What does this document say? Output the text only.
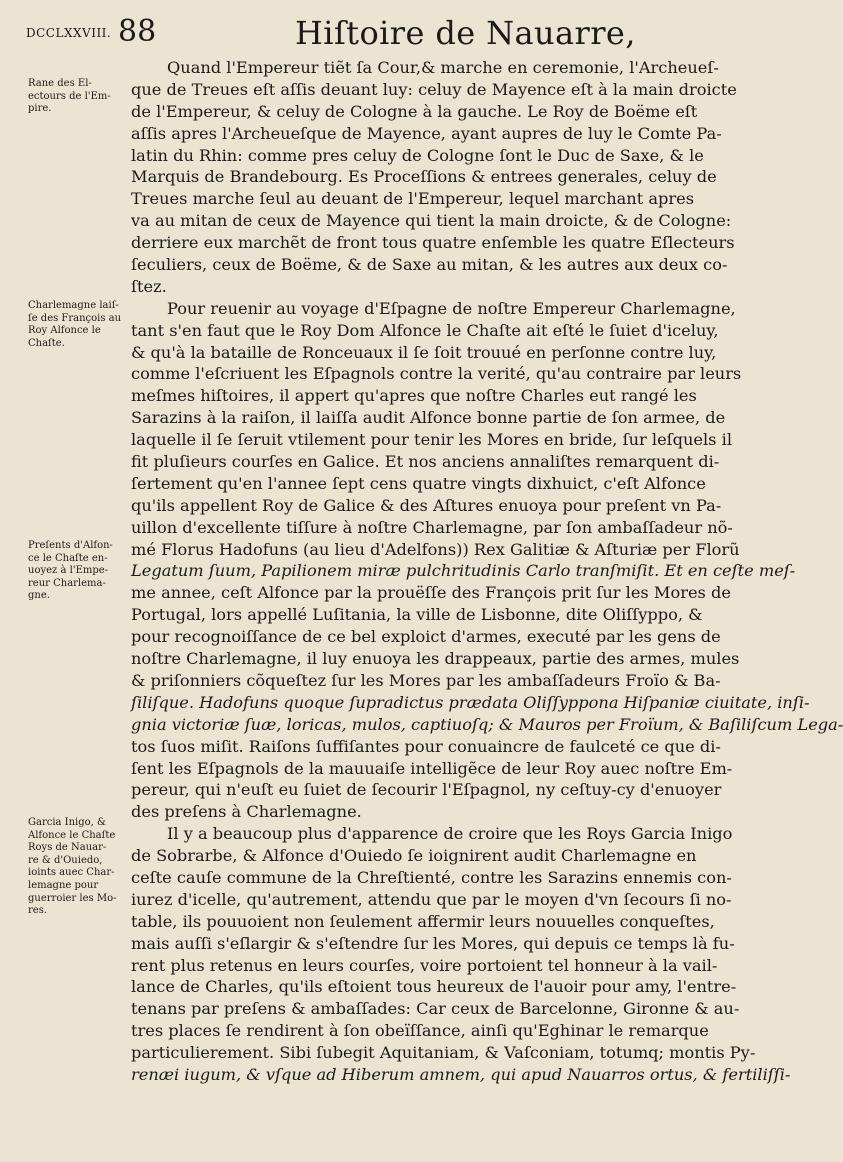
DCCLXXVIII. 88	Hiſtoire de Nauarre,
Rane des El-
ectours de l'Em-
pire.
Charlemagne laiſ-
ſe des François au
Roy Alfonce le
Chaſte.
Preſents d'Alfon-
ce le Chaſte en-
uoyez à l'Empe-
reur Charlema-
gne.
Garcia Inigo, &
Alfonce le Chaſte
Roys de Nauar-
re & d'Ouiedo,
ioints auec Char-
lemagne pour
guerroier les Mo-
res.
Quand l'Empereur tiẽt ſa Cour,& marche en ceremonie, l'Archeueſ-
que de Treues eſt aſſis deuant luy: celuy de Mayence eſt à la main droicte
de l'Empereur, & celuy de Cologne à la gauche. Le Roy de Boëme eſt
aſſis apres l'Archeueſque de Mayence, ayant aupres de luy le Comte Pa-
latin du Rhin: comme pres celuy de Cologne ſont le Duc de Saxe, & le
Marquis de Brandebourg. Es Proceſſions & entrees generales, celuy de
Treues marche ſeul au deuant de l'Empereur, lequel marchant apres
va au mitan de ceux de Mayence qui tient la main droicte, & de Cologne:
derriere eux marchẽt de front tous quatre enſemble les quatre Eſlecteurs
ſeculiers, ceux de Boëme, & de Saxe au mitan, & les autres aux deux co-
ſtez.
Pour reuenir au voyage d'Eſpagne de noſtre Empereur Charlemagne,
tant s'en faut que le Roy Dom Alfonce le Chaſte ait eſté le ſuiet d'iceluy,
& qu'à la bataille de Ronceuaux il ſe ſoit trouué en perſonne contre luy,
comme l'eſcriuent les Eſpagnols contre la verité, qu'au contraire par leurs
meſmes hiſtoires, il appert qu'apres que noſtre Charles eut rangé les
Sarazins à la raiſon, il laiſſa audit Alfonce bonne partie de ſon armee, de
laquelle il ſe ſeruit vtilement pour tenir les Mores en bride, ſur leſquels il
fit pluſieurs courſes en Galice. Et nos anciens annaliſtes remarquent di-
ſertement qu'en l'annee ſept cens quatre vingts dixhuict, c'eſt Alfonce
qu'ils appellent Roy de Galice & des Aſtures enuoya pour preſent vn Pa-
uillon d'excellente tiſſure à noſtre Charlemagne, par ſon ambaſſadeur nõ-
mé Florus Hadofuns (au lieu d'Adelfons)) Rex Galitiæ & Aſturiæ per Florũ
Legatum ſuum, Papilionem miræ pulchritudinis Carlo tranſmiſit. Et en ceſte meſ-
me annee, ceſt Alfonce par la prouëſſe des François prit ſur les Mores de
Portugal, lors appellé Luſitania, la ville de Lisbonne, dite Oliſſyppo, &
pour recognoiſſance de ce bel exploict d'armes, executé par les gens de
noſtre Charlemagne, il luy enuoya les drappeaux, partie des armes, mules
& priſonniers cõqueſtez ſur les Mores par les ambaſſadeurs Froïo & Ba-
ſiliſque. Hadofuns quoque ſupradictus prædata Oliſſyppona Hiſpaniæ ciuitate, inſi-
gnia victoriæ ſuæ, loricas, mulos, captiuoſq; & Mauros per Froïum, & Baſiliſcum Lega-
tos ſuos miſit. Raiſons ſuffiſantes pour conuaincre de faulceté ce que di-
ſent les Eſpagnols de la mauuaiſe intelligẽce de leur Roy auec noſtre Em-
pereur, qui n'euſt eu ſuiet de ſecourir l'Eſpagnol, ny ceſtuy-cy d'enuoyer
des preſens à Charlemagne.
Il y a beaucoup plus d'apparence de croire que les Roys Garcia Inigo
de Sobrarbe, & Alfonce d'Ouiedo ſe ioignirent audit Charlemagne en
ceſte cauſe commune de la Chreſtienté, contre les Sarazins ennemis con-
iurez d'icelle, qu'autrement, attendu que par le moyen d'vn ſecours ſi no-
table, ils pouuoient non ſeulement affermir leurs nouuelles conqueſtes,
mais auſſi s'eſlargir & s'eſtendre ſur les Mores, qui depuis ce temps là fu-
rent plus retenus en leurs courſes, voire portoient tel honneur à la vail-
lance de Charles, qu'ils eſtoient tous heureux de l'auoir pour amy, l'entre-
tenans par preſens & ambaſſades: Car ceux de Barcelonne, Gironne & au-
tres places ſe rendirent à ſon obeïſſance, ainſi qu'Eghinar le remarque
particulierement. Sibi ſubegit Aquitaniam, & Vaſconiam, totumq; montis Py-
renæi iugum, & vſque ad Hiberum amnem, qui apud Nauarros ortus, & fertiliſſi-
